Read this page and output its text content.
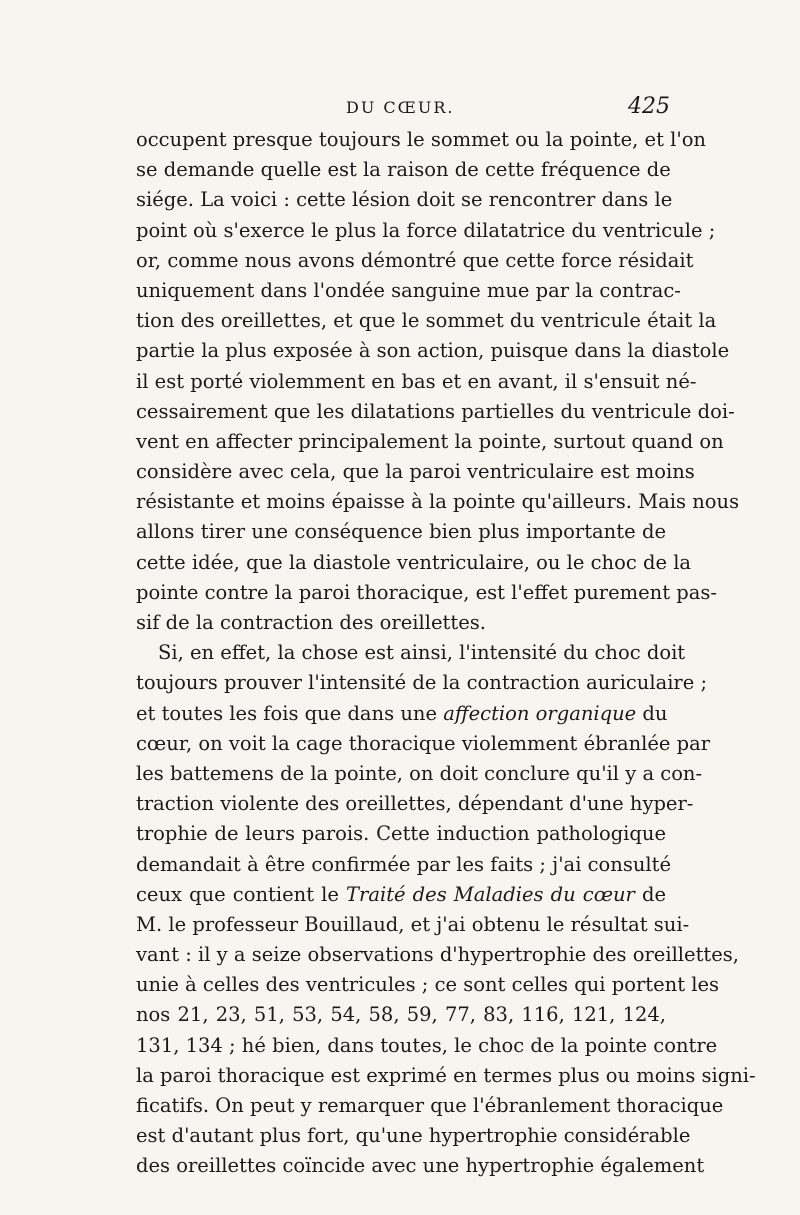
DU CŒUR.	425
occupent presque toujours le sommet ou la pointe, et l'on
se demande quelle est la raison de cette fréquence de
siége. La voici : cette lésion doit se rencontrer dans le
point où s'exerce le plus la force dilatatrice du ventricule ;
or, comme nous avons démontré que cette force résidait
uniquement dans l'ondée sanguine mue par la contrac-
tion des oreillettes, et que le sommet du ventricule était la
partie la plus exposée à son action, puisque dans la diastole
il est porté violemment en bas et en avant, il s'ensuit né-
cessairement que les dilatations partielles du ventricule doi-
vent en affecter principalement la pointe, surtout quand on
considère avec cela, que la paroi ventriculaire est moins
résistante et moins épaisse à la pointe qu'ailleurs. Mais nous
allons tirer une conséquence bien plus importante de
cette idée, que la diastole ventriculaire, ou le choc de la
pointe contre la paroi thoracique, est l'effet purement pas-
sif de la contraction des oreillettes.
Si, en effet, la chose est ainsi, l'intensité du choc doit
toujours prouver l'intensité de la contraction auriculaire ;
et toutes les fois que dans une affection organique du
cœur, on voit la cage thoracique violemment ébranlée par
les battemens de la pointe, on doit conclure qu'il y a con-
traction violente des oreillettes, dépendant d'une hyper-
trophie de leurs parois. Cette induction pathologique
demandait à être confirmée par les faits ; j'ai consulté
ceux que contient le Traité des Maladies du cœur de
M. le professeur Bouillaud, et j'ai obtenu le résultat sui-
vant : il y a seize observations d'hypertrophie des oreillettes,
unie à celles des ventricules ; ce sont celles qui portent les
nos 21, 23, 51, 53, 54, 58, 59, 77, 83, 116, 121, 124,
131, 134 ; hé bien, dans toutes, le choc de la pointe contre
la paroi thoracique est exprimé en termes plus ou moins signi-
ficatifs. On peut y remarquer que l'ébranlement thoracique
est d'autant plus fort, qu'une hypertrophie considérable
des oreillettes coïncide avec une hypertrophie également
